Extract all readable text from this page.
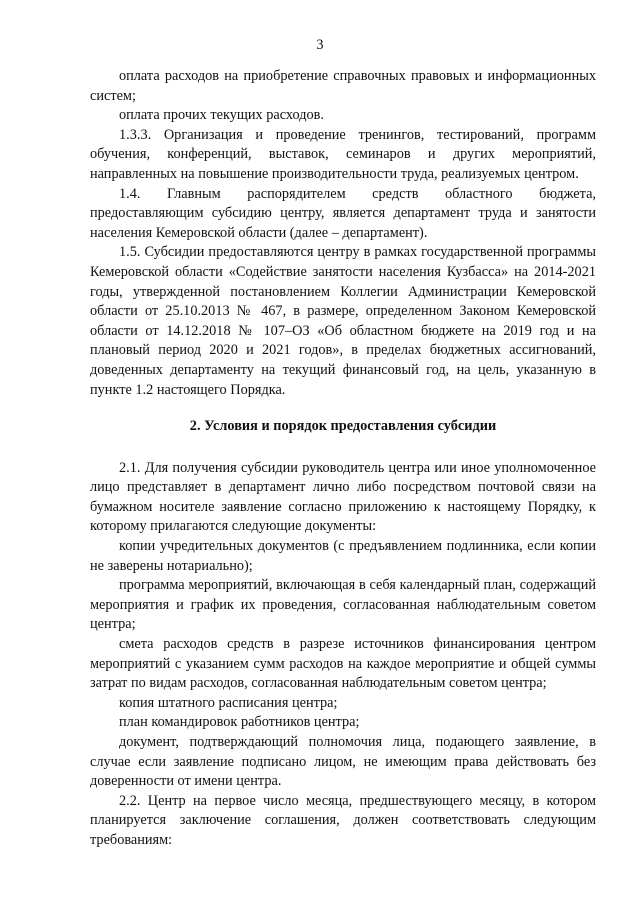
3

оплата расходов на приобретение справочных правовых и информационных систем;

оплата прочих текущих расходов.

1.3.3. Организация и проведение тренингов, тестирований, программ обучения, конференций, выставок, семинаров и других мероприятий, направленных на повышение производительности труда, реализуемых центром.

1.4. Главным распорядителем средств областного бюджета, предоставляющим субсидию центру, является департамент труда и занятости населения Кемеровской области (далее – департамент).

1.5. Субсидии предоставляются центру в рамках государственной программы Кемеровской области «Содействие занятости населения Кузбасса» на 2014-2021 годы, утвержденной постановлением Коллегии Администрации Кемеровской области от 25.10.2013 № 467, в размере, определенном Законом Кемеровской области от 14.12.2018 № 107–ОЗ «Об областном бюджете на 2019 год и на плановый период 2020 и 2021 годов», в пределах бюджетных ассигнований, доведенных департаменту на текущий финансовый год, на цель, указанную в пункте 1.2 настоящего Порядка.

2. Условия и порядок предоставления субсидии

2.1. Для получения субсидии руководитель центра или иное уполномоченное лицо представляет в департамент лично либо посредством почтовой связи на бумажном носителе заявление согласно приложению к настоящему Порядку, к которому прилагаются следующие документы:

копии учредительных документов (с предъявлением подлинника, если копии не заверены нотариально);

программа мероприятий, включающая в себя календарный план, содержащий мероприятия и график их проведения, согласованная наблюдательным советом центра;

смета расходов средств в разрезе источников финансирования центром мероприятий с указанием сумм расходов на каждое мероприятие и общей суммы затрат по видам расходов, согласованная наблюдательным советом центра;

копия штатного расписания центра;

план командировок работников центра;

документ, подтверждающий полномочия лица, подающего заявление, в случае если заявление подписано лицом, не имеющим права действовать без доверенности от имени центра.

2.2. Центр на первое число месяца, предшествующего месяцу, в котором планируется заключение соглашения, должен соответствовать следующим требованиям:
